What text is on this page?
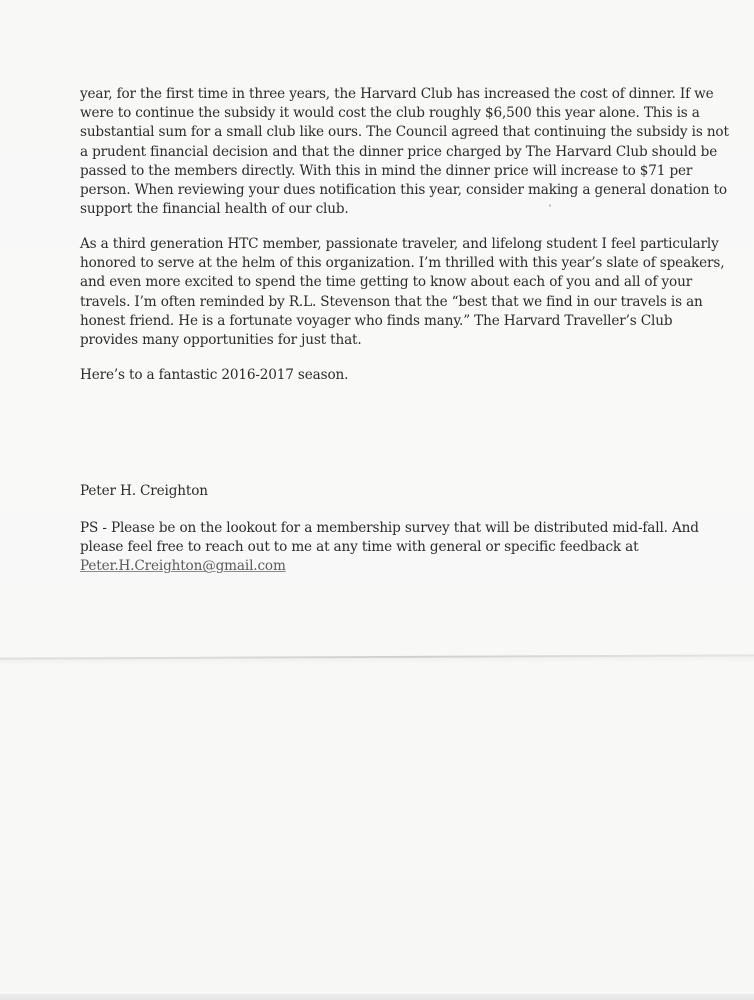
year, for the first time in three years, the Harvard Club has increased the cost of dinner. If we
were to continue the subsidy it would cost the club roughly $6,500 this year alone. This is a
substantial sum for a small club like ours. The Council agreed that continuing the subsidy is not
a prudent financial decision and that the dinner price charged by The Harvard Club should be
passed to the members directly. With this in mind the dinner price will increase to $71 per
person. When reviewing your dues notification this year, consider making a general donation to
support the financial health of our club.
As a third generation HTC member, passionate traveler, and lifelong student I feel particularly
honored to serve at the helm of this organization. I’m thrilled with this year’s slate of speakers,
and even more excited to spend the time getting to know about each of you and all of your
travels. I’m often reminded by R.L. Stevenson that the “best that we find in our travels is an
honest friend. He is a fortunate voyager who finds many.” The Harvard Traveller’s Club
provides many opportunities for just that.
Here’s to a fantastic 2016-2017 season.
Peter H. Creighton
PS - Please be on the lookout for a membership survey that will be distributed mid-fall. And
please feel free to reach out to me at any time with general or specific feedback at
Peter.H.Creighton@gmail.com
